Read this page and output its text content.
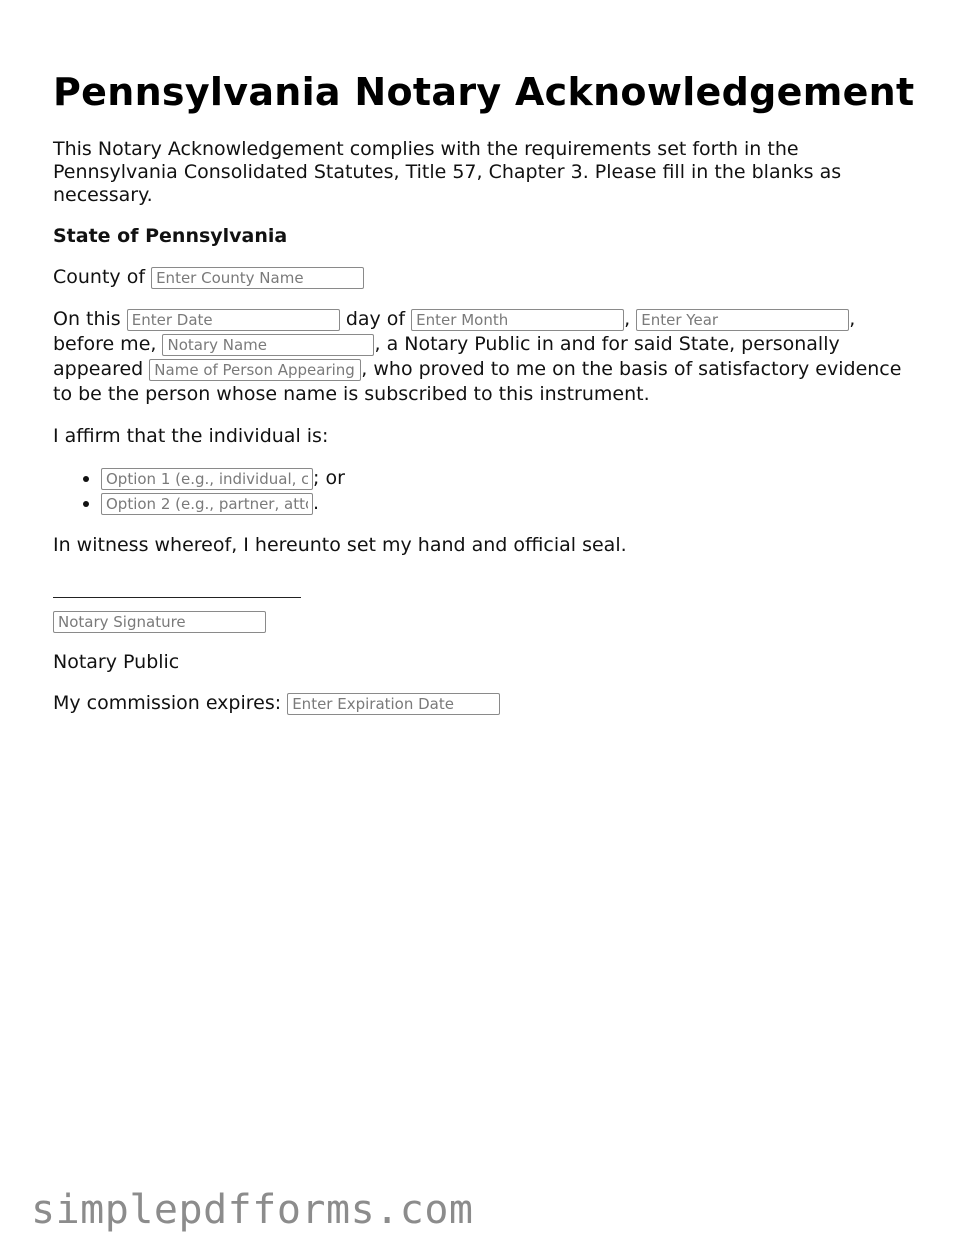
Pennsylvania Notary Acknowledgement

This Notary Acknowledgement complies with the requirements set forth in the Pennsylvania Consolidated Statutes, Title 57, Chapter 3. Please fill in the blanks as necessary.

State of Pennsylvania

County of Enter County Name

On this Enter Date	day of Enter Month	, Enter Year	,
before me, Notary Name	, a Notary Public in and for said State, personally
appeared Name of Person Appearing	, who proved to me on the basis of satisfactory evidence to be the person whose name is subscribed to this instrument.

I affirm that the individual is:

Option 1 (e.g., individual, corporate officer) • ; or
Option 2 (e.g., partner, attorney-in-fact) • .

In witness whereof, I hereunto set my hand and official seal.

Notary Signature

Notary Public

My commission expires: Enter Expiration Date

simplepdfforms.com
